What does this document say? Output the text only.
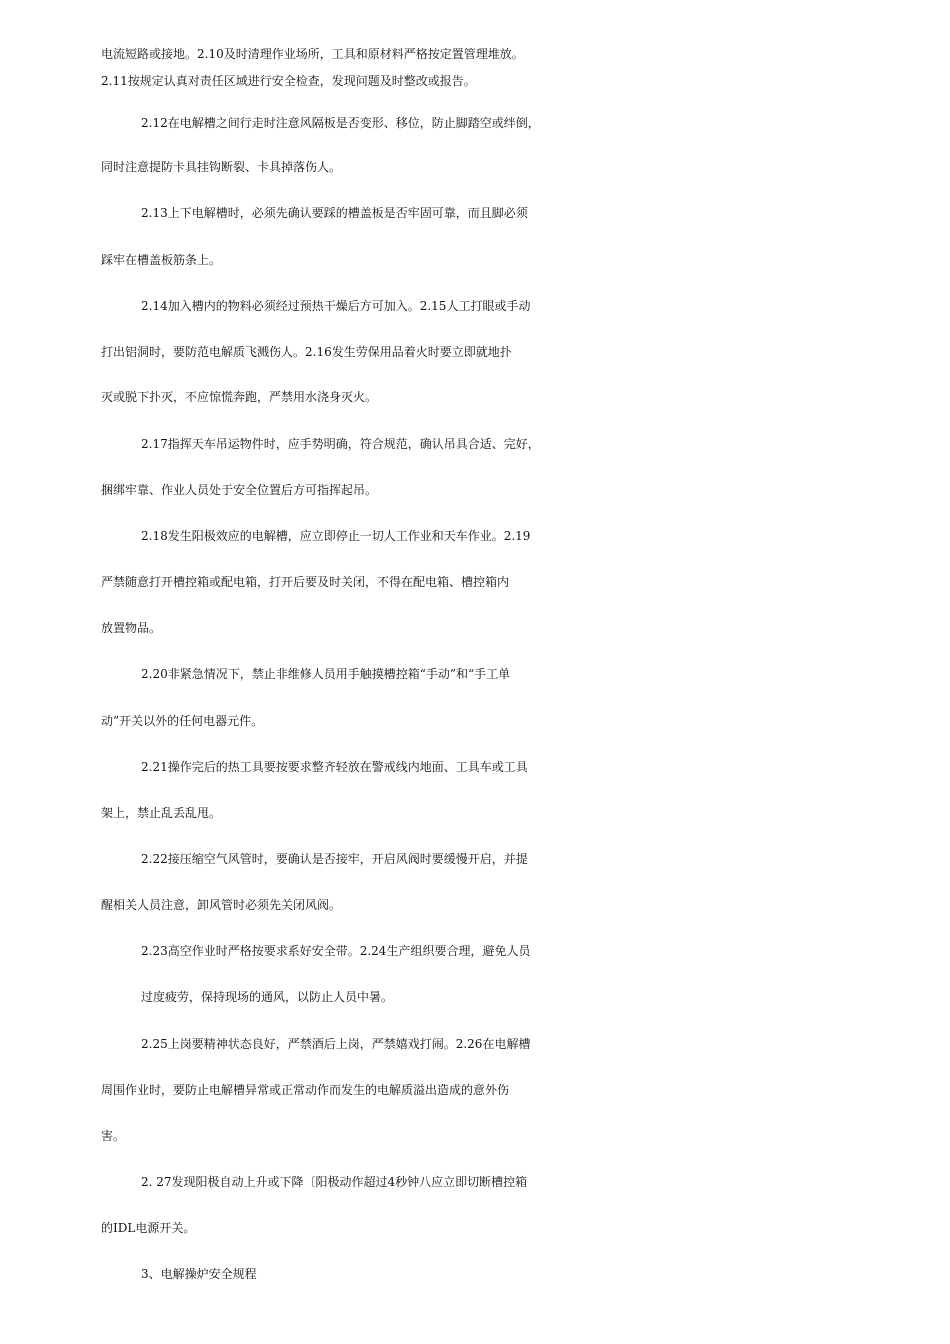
电流短路或接地。2.10及时清理作业场所，工具和原材料严格按定置管理堆放。
2.11按规定认真对责任区域进行安全检查，发现问题及时整改或报告。
2.12在电解槽之间行走时注意风隔板是否变形、移位，防止脚踏空或绊倒，
同时注意提防卡具挂钩断裂、卡具掉落伤人。
2.13上下电解槽时，必须先确认要踩的槽盖板是否牢固可靠，而且脚必须
踩牢在槽盖板筋条上。
2.14加入槽内的物料必须经过预热干燥后方可加入。2.15人工打眼或手动
打出铝洞时，要防范电解质飞溅伤人。2.16发生劳保用品着火时要立即就地扑
灭或脱下扑灭，不应惊慌奔跑，严禁用水浇身灭火。
2.17指挥天车吊运物件时，应手势明确，符合规范，确认吊具合适、完好，
捆绑牢靠、作业人员处于安全位置后方可指挥起吊。
2.18发生阳极效应的电解槽，应立即停止一切人工作业和天车作业。2.19
严禁随意打开槽控箱或配电箱，打开后要及时关闭，不得在配电箱、槽控箱内
放置物品。
2.20非紧急情况下，禁止非维修人员用手触摸槽控箱“手动”和“手工单
动”开关以外的任何电器元件。
2.21操作完后的热工具要按要求整齐轻放在警戒线内地面、工具车或工具
架上，禁止乱丢乱甩。
2.22接压缩空气风管时，要确认是否接牢，开启风阀时要缓慢开启，并提
醒相关人员注意，卸风管时必须先关闭风阀。
2.23高空作业时严格按要求系好安全带。2.24生产组织要合理，避免人员
过度疲劳，保持现场的通风，以防止人员中暑。
2.25上岗要精神状态良好，严禁酒后上岗，严禁嬉戏打闹。2.26在电解槽
周围作业时，要防止电解槽异常或正常动作而发生的电解质溢出造成的意外伤
害。
2. 27发现阳极自动上升或下降〔阳极动作超过4秒钟八应立即切断槽控箱
的IDL电源开关。
3、电解操炉安全规程
